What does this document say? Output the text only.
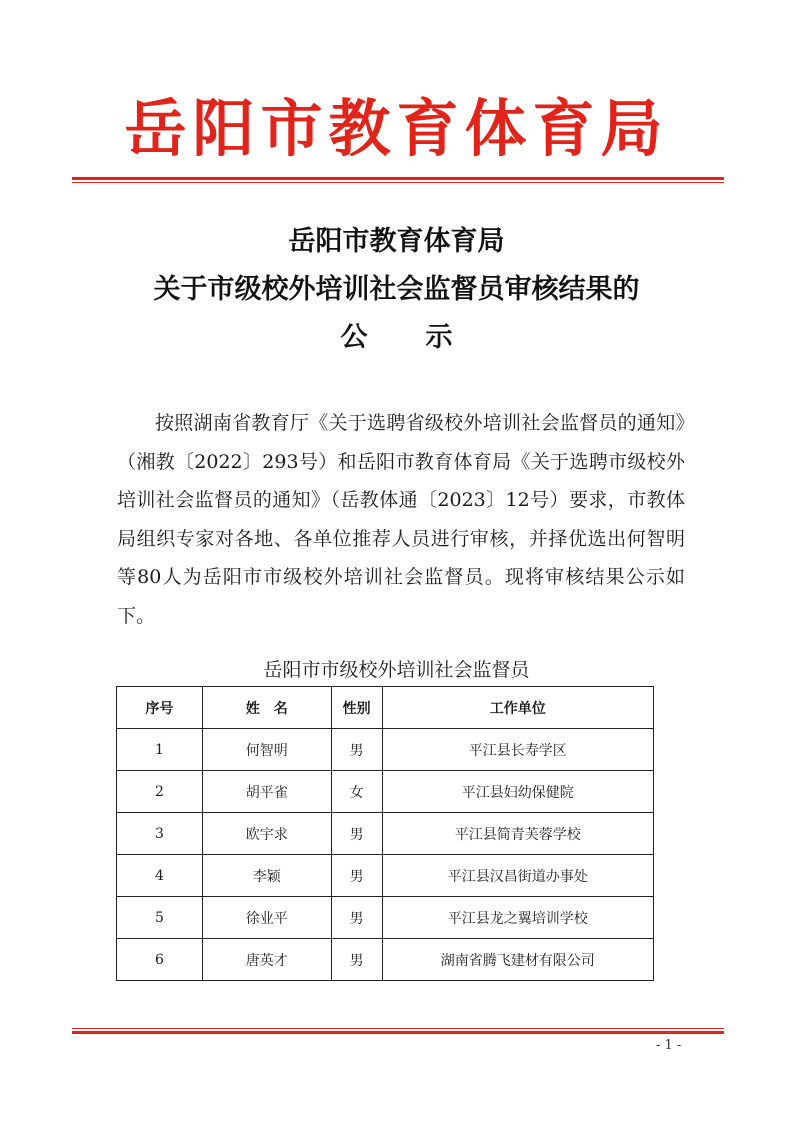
岳阳市教育体育局
岳阳市教育体育局
关于市级校外培训社会监督员审核结果的
公示

按照湖南省教育厅《关于选聘省级校外培训社会监督员的通知》（湘教〔2022〕293号）和岳阳市教育体育局《关于选聘市级校外培训社会监督员的通知》（岳教体通〔2023〕12号）要求，市教体局组织专家对各地、各单位推荐人员进行审核，并择优选出何智明等80人为岳阳市市级校外培训社会监督员。现将审核结果公示如下。

岳阳市市级校外培训社会监督员
序号	姓　名	性别	工作单位
1	何智明	男	平江县长寿学区
2	胡平雀	女	平江县妇幼保健院
3	欧宇求	男	平江县简青芙蓉学校
4	李颖	男	平江县汉昌街道办事处
5	徐业平	男	平江县龙之翼培训学校
6	唐英才	男	湖南省腾飞建材有限公司
- 1 -
